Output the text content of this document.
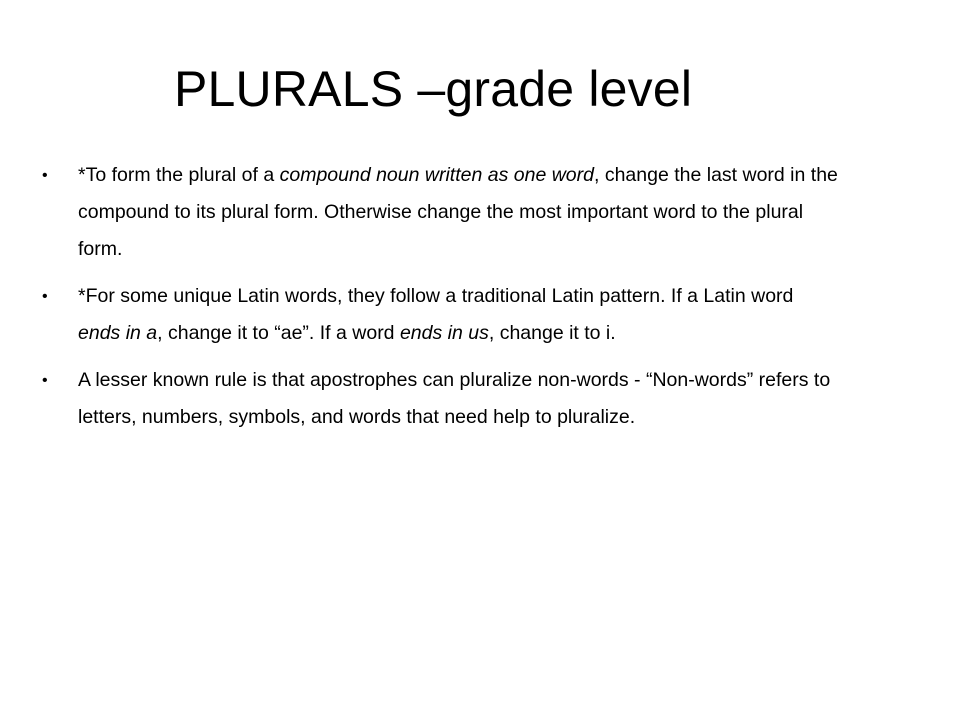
PLURALS –grade level
•	*To form the plural of a compound noun written as one word, change the last word in the compound to its plural form. Otherwise change the most important word to the plural form.
•	*For some unique Latin words, they follow a traditional Latin pattern. If a Latin word ends in a, change it to “ae”. If a word ends in us, change it to i.
•	A lesser known rule is that apostrophes can pluralize non-words - “Non-words” refers to letters, numbers, symbols, and words that need help to pluralize.
